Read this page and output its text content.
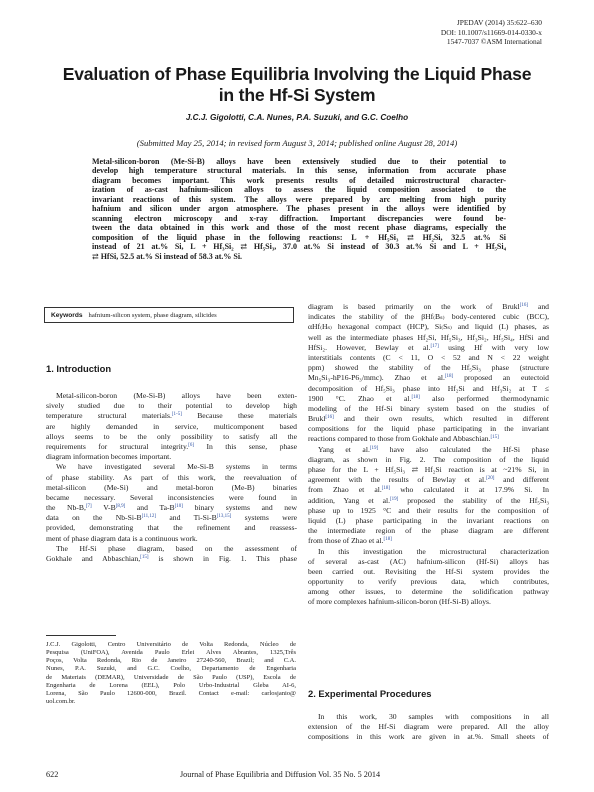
JPEDAV (2014) 35:622–630
DOI: 10.1007/s11669-014-0330-x
1547-7037 ©ASM International
Evaluation of Phase Equilibria Involving the Liquid Phase
in the Hf-Si System
J.C.J. Gigolotti, C.A. Nunes, P.A. Suzuki, and G.C. Coelho
(Submitted May 25, 2014; in revised form August 3, 2014; published online August 28, 2014)
Metal-silicon-boron (Me-Si-B) alloys have been extensively studied due to their potential to
develop high temperature structural materials. In this sense, information from accurate phase
diagram becomes important. This work presents results of detailed microstructural character-
ization of as-cast hafnium-silicon alloys to assess the liquid composition associated to the
invariant reactions of this system. The alloys were prepared by arc melting from high purity
hafnium and silicon under argon atmosphere. The phases present in the alloys were identified by
scanning electron microscopy and x-ray diffraction. Important discrepancies were found be-
tween the data obtained in this work and those of the most recent phase diagrams, especially the
composition of the liquid phase in the following reactions: L + Hf₅Si₃ ⇄ Hf₂Si, 32.5 at.% Si
instead of 21 at.% Si, L + Hf₃Si₂ ⇄ Hf₅Si₃, 37.0 at.% Si instead of 30.3 at.% Si and L + Hf₅Si₄
⇄ HfSi, 52.5 at.% Si instead of 58.3 at.% Si.
Keywords hafnium-silicon system, phase diagram, silicides
1. Introduction
Metal-silicon-boron (Me-Si-B) alloys have been exten-
sively studied due to their potential to develop high
temperature structural materials.[1-5] Because these materials
are highly demanded in service, multicomponent based
alloys seems to be the only possibility to satisfy all the
requirements for structural integrity.[6] In this sense, phase
diagram information becomes important.
We have investigated several Me-Si-B systems in terms
of phase stability. As part of this work, the reevaluation of
metal-silicon (Me-Si) and metal-boron (Me-B) binaries
became necessary. Several inconsistencies were found in
the Nb-B,[7] V-B[8,9] and Ta-B[10] binary systems and new
data on the Nb-Si-B[11,12] and Ti-Si-B[13,15] systems were
provided, demonstrating that the refinement and reassess-
ment of phase diagram data is a continuous work.
The Hf-Si phase diagram, based on the assessment of
Gokhale and Abbaschian,[15] is shown in Fig. 1. This phase
diagram is based primarily on the work of Brukl[16] and
indicates the stability of the βHf₍Bₛ₎ body-centered cubic (BCC),
αHf₍Hₛ₎ hexagonal compact (HCP), Si₍Sₛ₎ and liquid (L) phases, as
well as the intermediate phases Hf₂Si, Hf₅Si₃, Hf₃Si₂, Hf₅Si₄, HfSi and
HfSi₂. However, Bewlay et al.[17] using Hf with very low
interstitials contents (C < 11, O < 52 and N < 22 weight
ppm) showed the stability of the Hf₅Si₃ phase (structure
Mn₅Si₃-hP16-P6₃/mmc). Zhao et al.[18] proposed an eutectoid
decomposition of Hf₅Si₃ phase into Hf₂Si and Hf₃Si₂ at T ≤
1900 °C. Zhao et al.[18] also performed thermodynamic
modeling of the Hf-Si binary system based on the studies of
Brukl[16] and their own results, which resulted in different
compositions for the liquid phase participating in the invariant
reactions compared to those from Gokhale and Abbaschian.[15]
Yang et al.[19] have also calculated the Hf-Si phase
diagram, as shown in Fig. 2. The composition of the liquid
phase for the L + Hf₅Si₃ ⇄ Hf₂Si reaction is at ~21% Si, in
agreement with the results of Bewlay et al.[20] and different
from Zhao et al.[18] who calculated it at 17.9% Si. In
addition, Yang et al.[19] proposed the stability of the Hf₅Si₃
phase up to 1925 °C and their results for the composition of
liquid (L) phase participating in the invariant reactions on
the intermediate region of the phase diagram are different
from those of Zhao et al.[18]
In this investigation the microstructural characterization
of several as-cast (AC) hafnium-silicon (Hf-Si) alloys has
been carried out. Revisiting the Hf-Si system provides the
opportunity to verify previous data, which contributes,
among other issues, to determine the solidification pathway
of more complexes hafnium-silicon-boron (Hf-Si-B) alloys.
2. Experimental Procedures
In this work, 30 samples with compositions in all
extension of the Hf-Si diagram were prepared. All the alloy
compositions in this work are given in at.%. Small sheets of
J.C.J. Gigolotti, Centro Universitário de Volta Redonda, Núcleo de
Pesquisa (UniFOA), Avenida Paulo Erlei Alves Abrantes, 1325,Três
Poços, Volta Redonda, Rio de Janeiro 27240-560, Brazil; and C.A.
Nunes, P.A. Suzuki, and G.C. Coelho, Departamento de Engenharia
de Materiais (DEMAR), Universidade de São Paulo (USP), Escola de
Engenharia de Lorena (EEL), Polo Urbo-Industrial Gleba AI-6,
Lorena, São Paulo 12600-000, Brazil. Contact e-mail: carlosjanio@
uol.com.br.
622	Journal of Phase Equilibria and Diffusion Vol. 35 No. 5 2014
